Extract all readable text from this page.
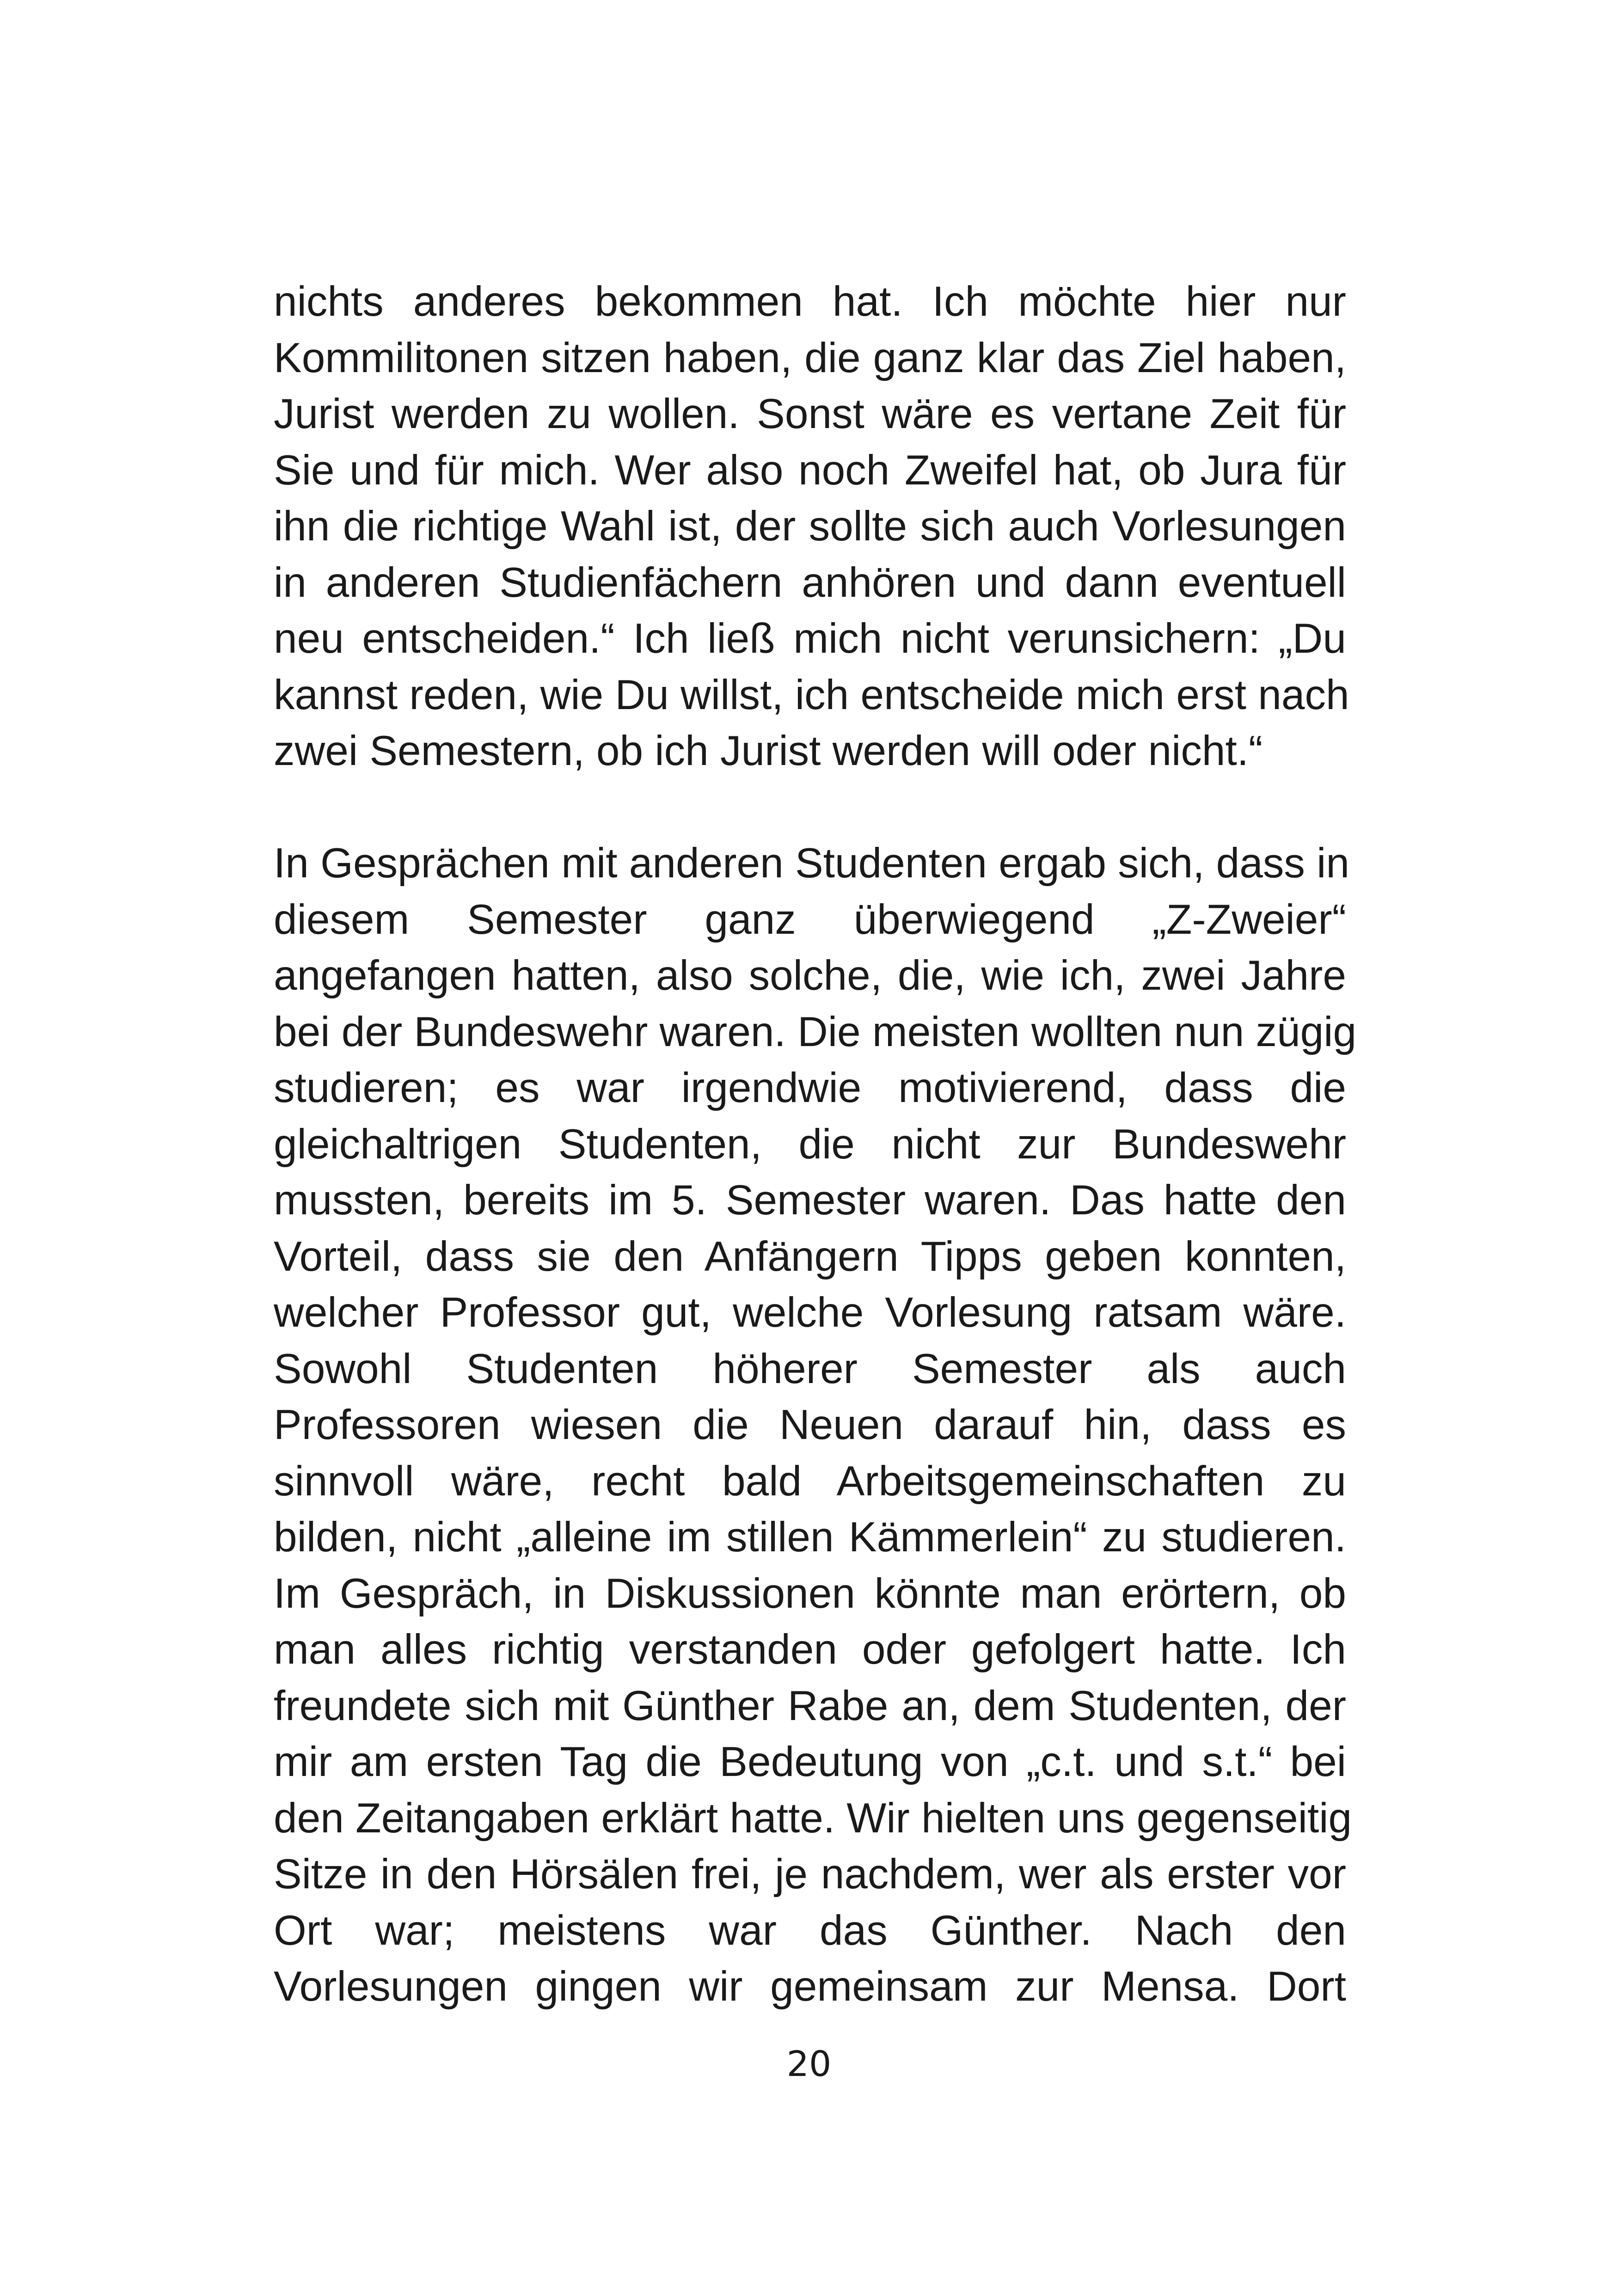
nichts anderes bekommen hat. Ich möchte hier nur
Kommilitonen sitzen haben, die ganz klar das Ziel haben,
Jurist werden zu wollen. Sonst wäre es vertane Zeit für
Sie und für mich. Wer also noch Zweifel hat, ob Jura für
ihn die richtige Wahl ist, der sollte sich auch Vorlesungen
in anderen Studienfächern anhören und dann eventuell
neu entscheiden.“ Ich ließ mich nicht verunsichern: „Du
kannst reden, wie Du willst, ich entscheide mich erst nach
zwei Semestern, ob ich Jurist werden will oder nicht.“
In Gesprächen mit anderen Studenten ergab sich, dass in
diesem Semester ganz überwiegend „Z-Zweier“
angefangen hatten, also solche, die, wie ich, zwei Jahre
bei der Bundeswehr waren. Die meisten wollten nun zügig
studieren; es war irgendwie motivierend, dass die
gleichaltrigen Studenten, die nicht zur Bundeswehr
mussten, bereits im 5. Semester waren. Das hatte den
Vorteil, dass sie den Anfängern Tipps geben konnten,
welcher Professor gut, welche Vorlesung ratsam wäre.
Sowohl Studenten höherer Semester als auch
Professoren wiesen die Neuen darauf hin, dass es
sinnvoll wäre, recht bald Arbeitsgemeinschaften zu
bilden, nicht „alleine im stillen Kämmerlein“ zu studieren.
Im Gespräch, in Diskussionen könnte man erörtern, ob
man alles richtig verstanden oder gefolgert hatte. Ich
freundete sich mit Günther Rabe an, dem Studenten, der
mir am ersten Tag die Bedeutung von „c.t. und s.t.“ bei
den Zeitangaben erklärt hatte. Wir hielten uns gegenseitig
Sitze in den Hörsälen frei, je nachdem, wer als erster vor
Ort war; meistens war das Günther. Nach den
Vorlesungen gingen wir gemeinsam zur Mensa. Dort
20
